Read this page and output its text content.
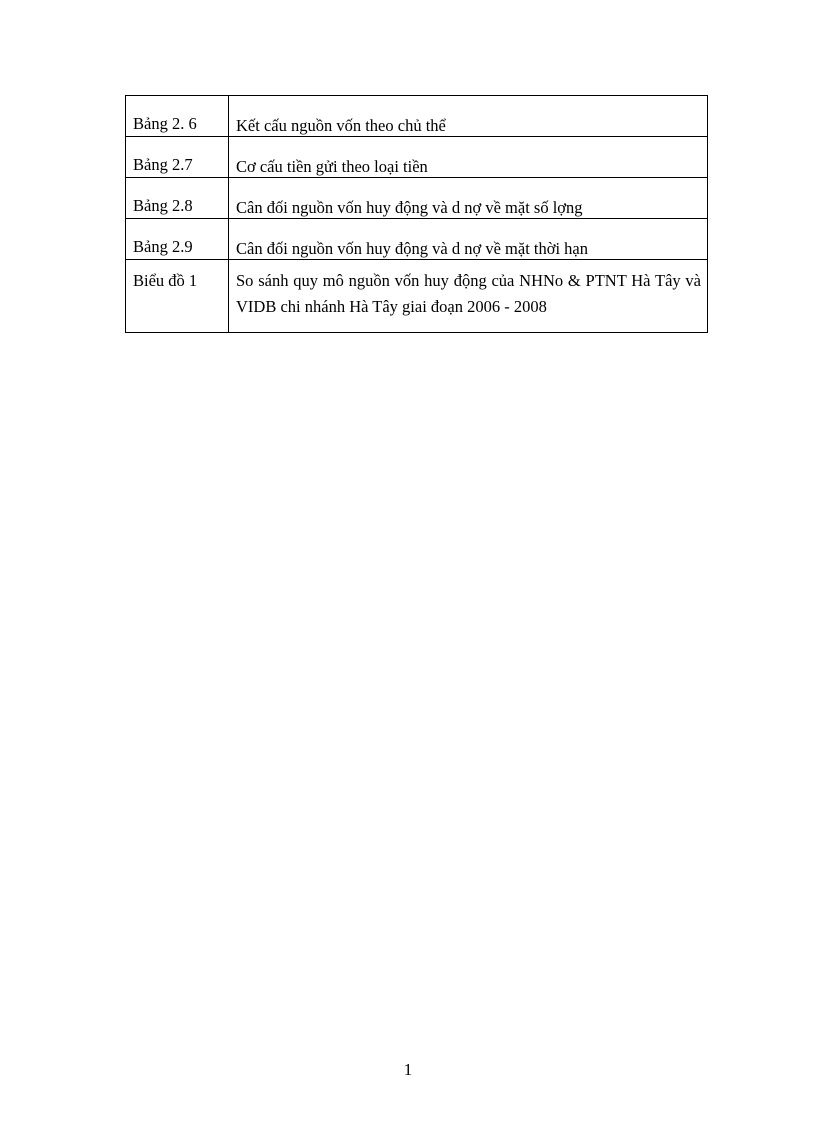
Bảng 2. 6	Kết cấu nguồn vốn theo chủ thể

Bảng 2.7	Cơ cấu tiền gửi theo loại tiền

Bảng 2.8	Cân đối nguồn vốn huy động và d nợ về mặt số lợng

Bảng 2.9	Cân đối nguồn vốn huy động và d nợ về mặt thời hạn

Biểu đồ 1	So sánh quy mô nguồn vốn huy động của NHNo & PTNT Hà Tây và VIDB chi nhánh Hà Tây giai đoạn 2006 - 2008
1
